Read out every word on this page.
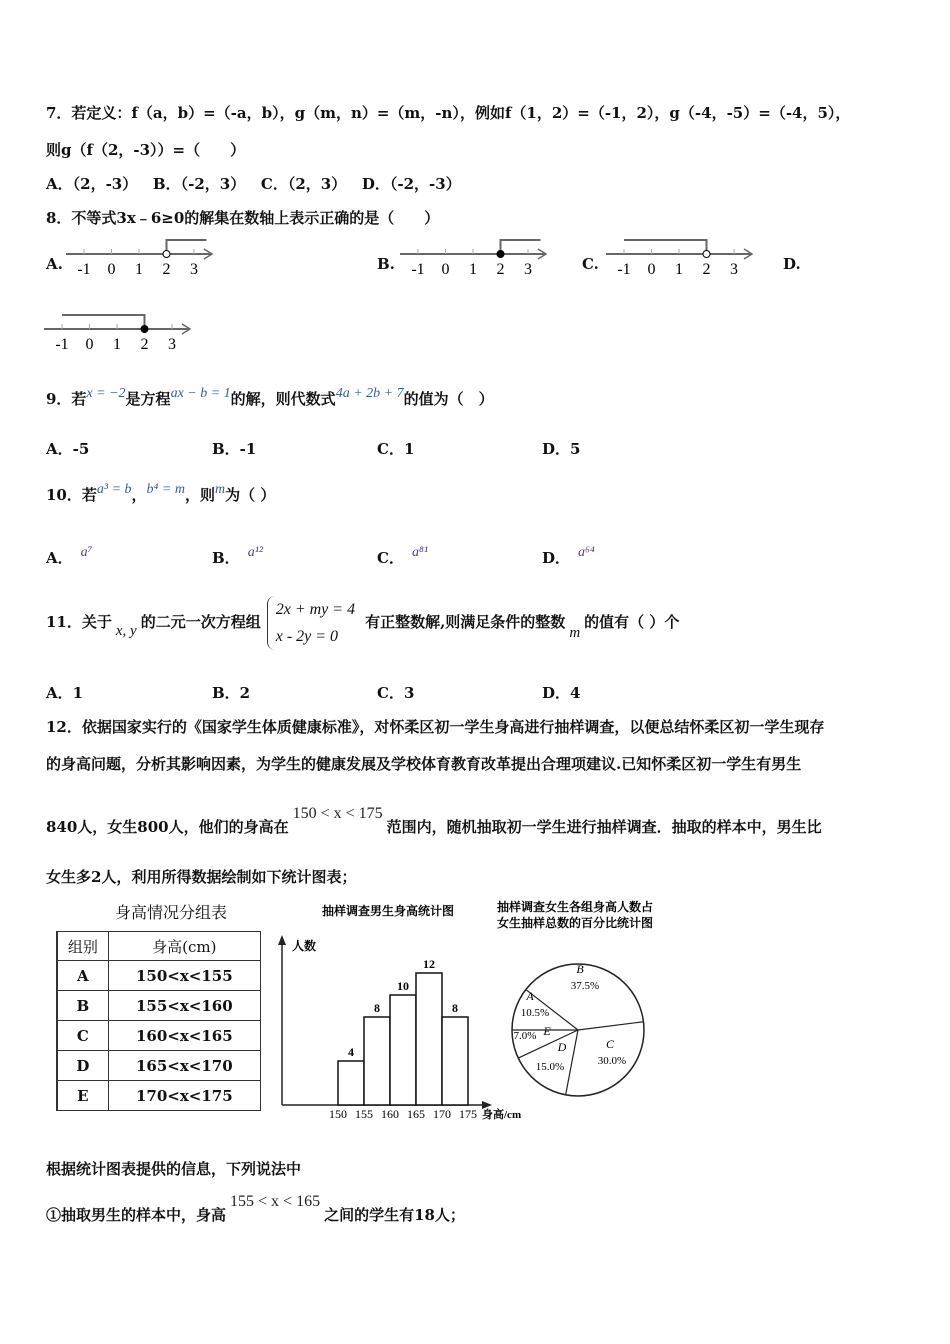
7．若定义：f（a，b）=（-a，b），g（m，n）=（m，-n），例如f（1，2）=（-1，2），g（-4，-5）=（-4，5），
则g（f（2，-3））=（　　）
A．（2，-3） B．（-2，3） C．（2，3） D．（-2，-3）
8．不等式3x﹣6≥0的解集在数轴上表示正确的是（　　）
A.	B.	C.	D.
-1 0 1 2 3	-1 0 1 2 3	-1 0 1 2 3
-1 0 1 2 3
9．若x = −2是方程ax − b = 1的解，则代数式4a + 2b + 7的值为（　）
A．-5	B．-1	C．1	D．5
10．若a³ = b，b⁴ = m，则m为（ ）
A． a⁷	B． a¹²	C． a⁸¹	D． a⁶⁴
11．关于 x, y 的二元一次方程组
2x + my = 4
x - 2y = 0
有正整数解,则满足条件的整数m的值有（ ）个
A．1	B．2	C．3	D．4
12．依据国家实行的《国家学生体质健康标准》，对怀柔区初一学生身高进行抽样调查，以便总结怀柔区初一学生现存
的身高问题，分析其影响因素，为学生的健康发展及学校体育教育改革提出合理项建议.已知怀柔区初一学生有男生
840人，女生800人，他们的身高在150 < x < 175范围内，随机抽取初一学生进行抽样调查．抽取的样本中，男生比
女生多2人，利用所得数据绘制如下统计图表；
身高情况分组表
组别	身高(cm)
A	150<x<155
B	155<x<160
C	160<x<165
D	165<x<170
E	170<x<175
抽样调查男生身高统计图
人数
4
8
10
12
8
150 155 160 165 170 175 身高/cm
抽样调查女生各组身高人数占
女生抽样总数的百分比统计图
B
37.5%
C
30.0%
D
15.0%
E
7.0%
A
10.5%
根据统计图表提供的信息，下列说法中
①抽取男生的样本中，身高155 < x < 165之间的学生有18人；
